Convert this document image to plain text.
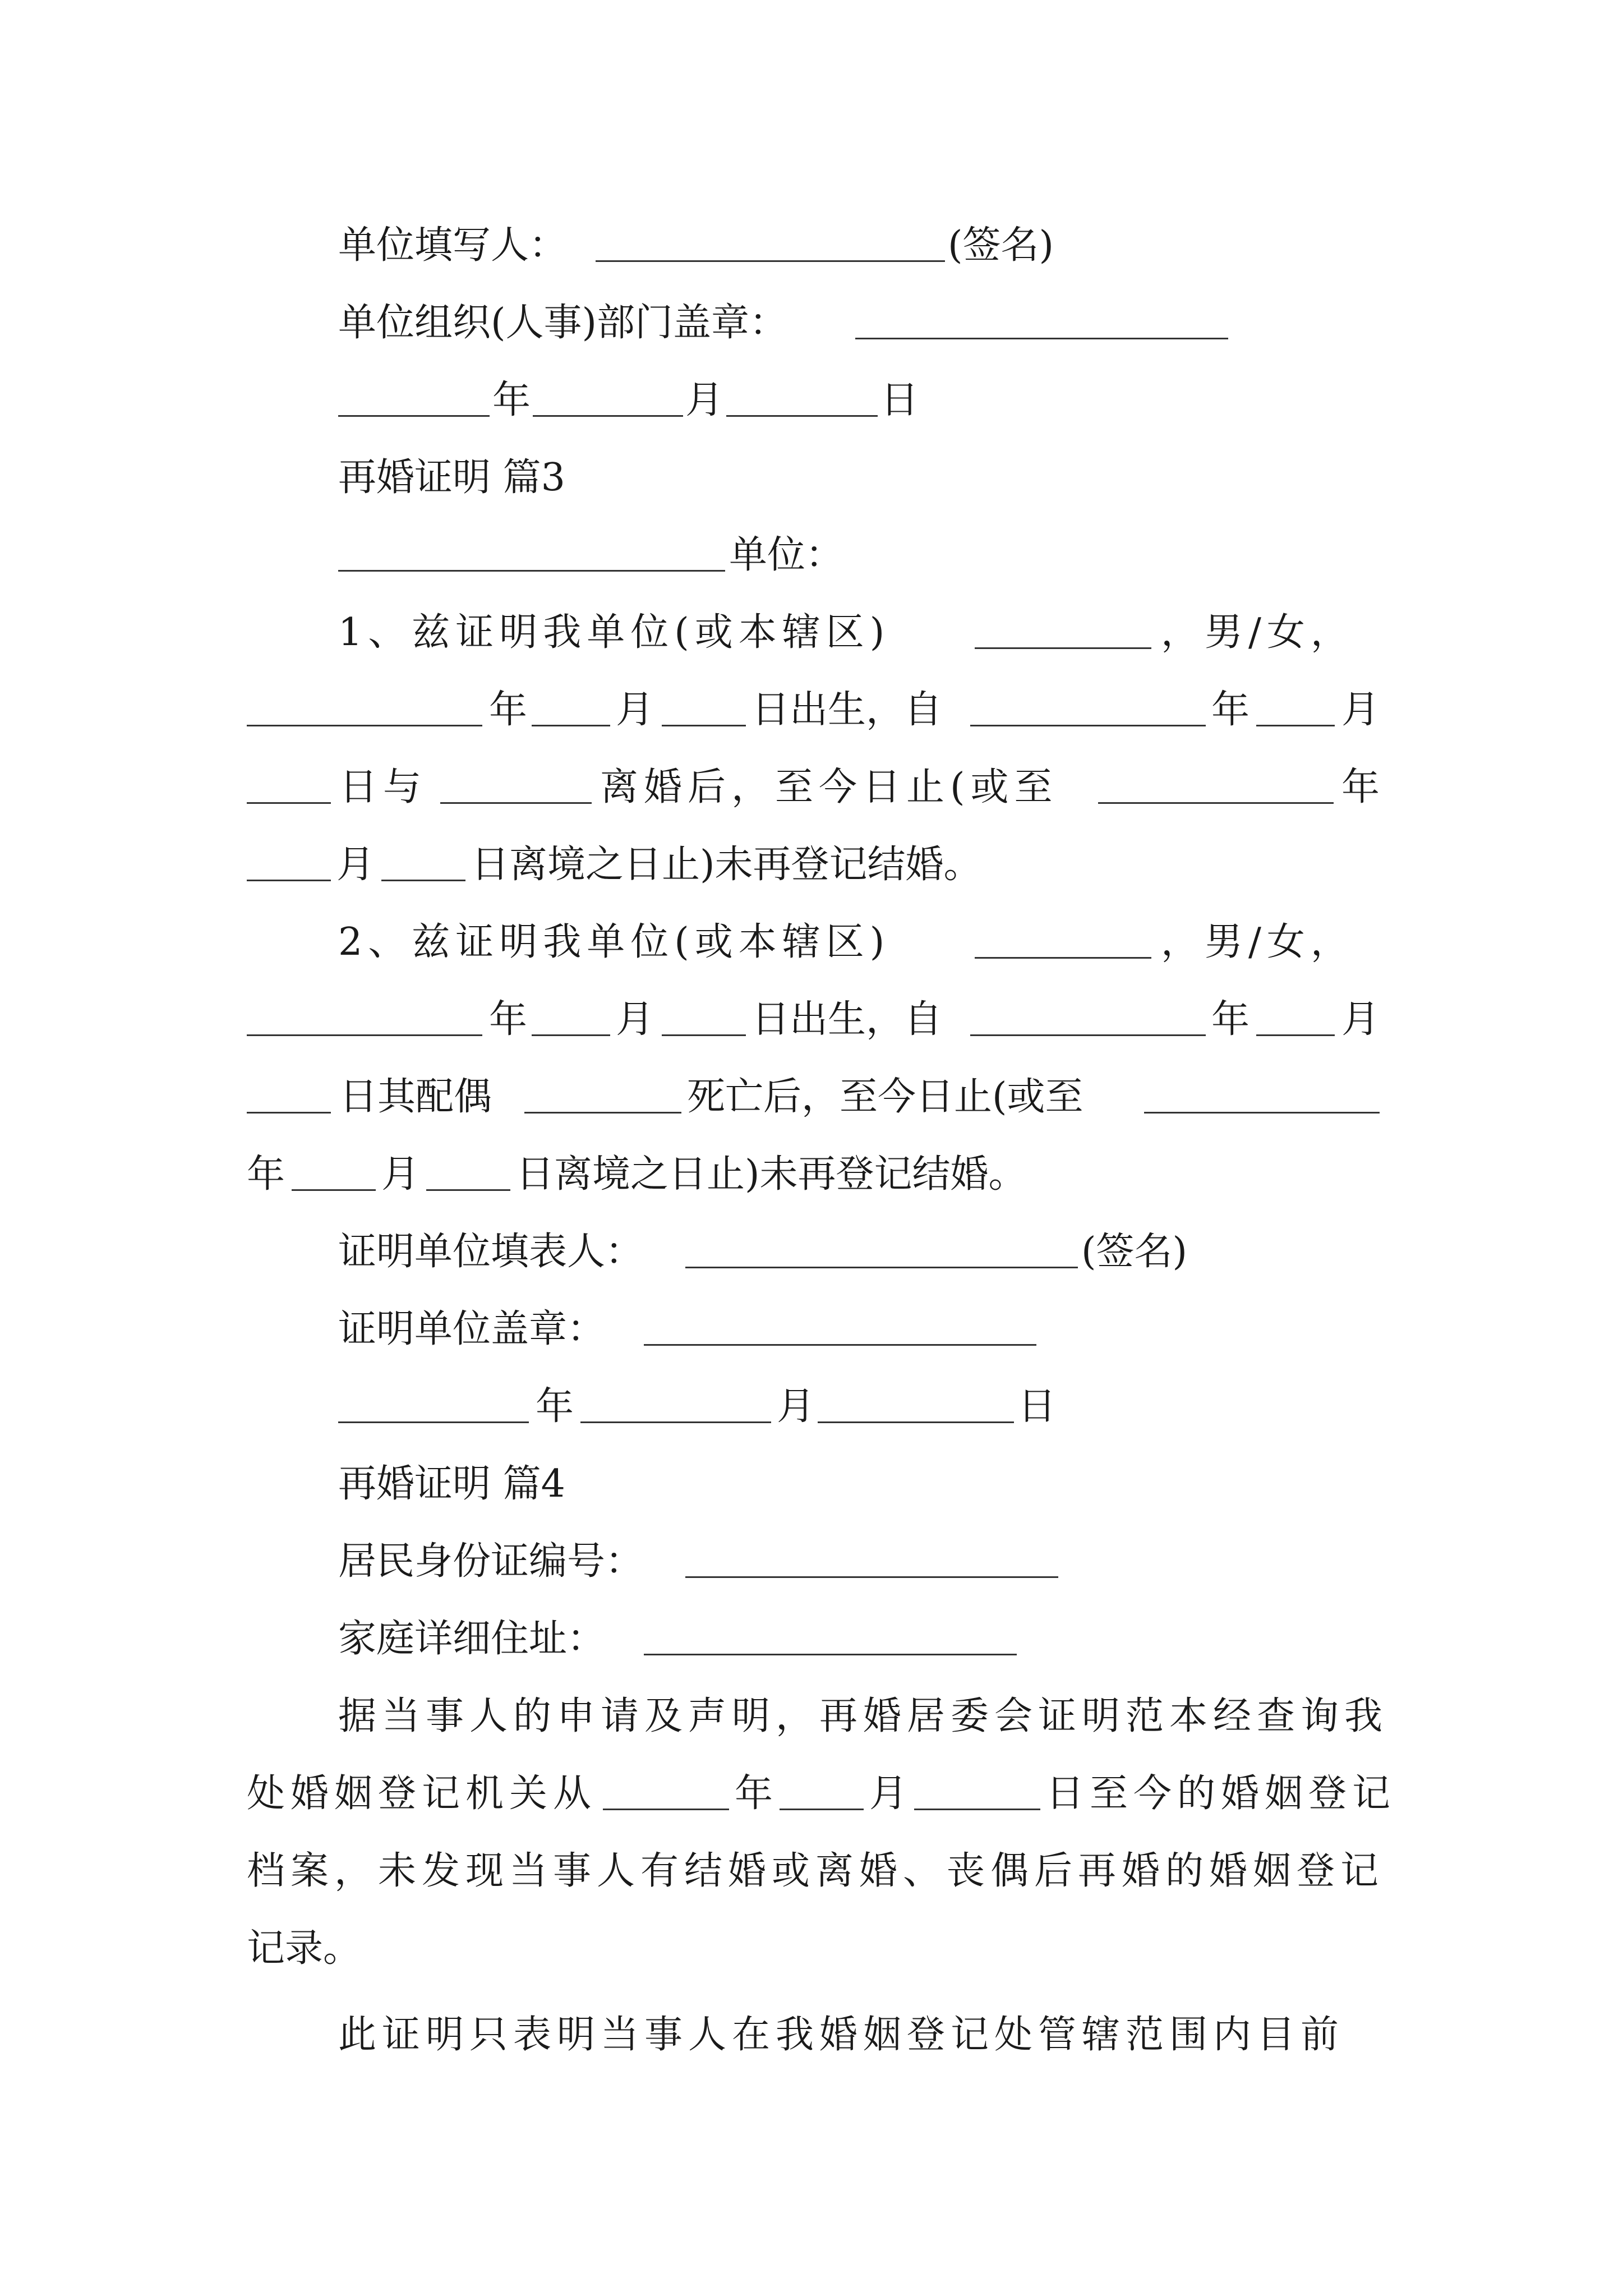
单位填写人：	(签名)
单位组织(人事)部门盖章：
年	月	日
再婚证明 篇3
单位：
1、兹证明我单位(或本辖区)	，男/女，
年 月	日出生，自	年 月
日与	离婚后，至今日止(或至	年
月	日离境之日止)未再登记结婚。
2、兹证明我单位(或本辖区)	，男/女，
年 月	日出生，自	年 月
日其配偶	死亡后，至今日止(或至
年	月	日离境之日止)未再登记结婚。
证明单位填表人：	(签名)
证明单位盖章：
年	月	日
再婚证明 篇4
居民身份证编号：
家庭详细住址：
据当事人的申请及声明，再婚居委会证明范本经查询我
处婚姻登记机关从	年	月	日至今的婚姻登记
档案，未发现当事人有结婚或离婚、丧偶后再婚的婚姻登记
记录。
此证明只表明当事人在我婚姻登记处管辖范围内目前
